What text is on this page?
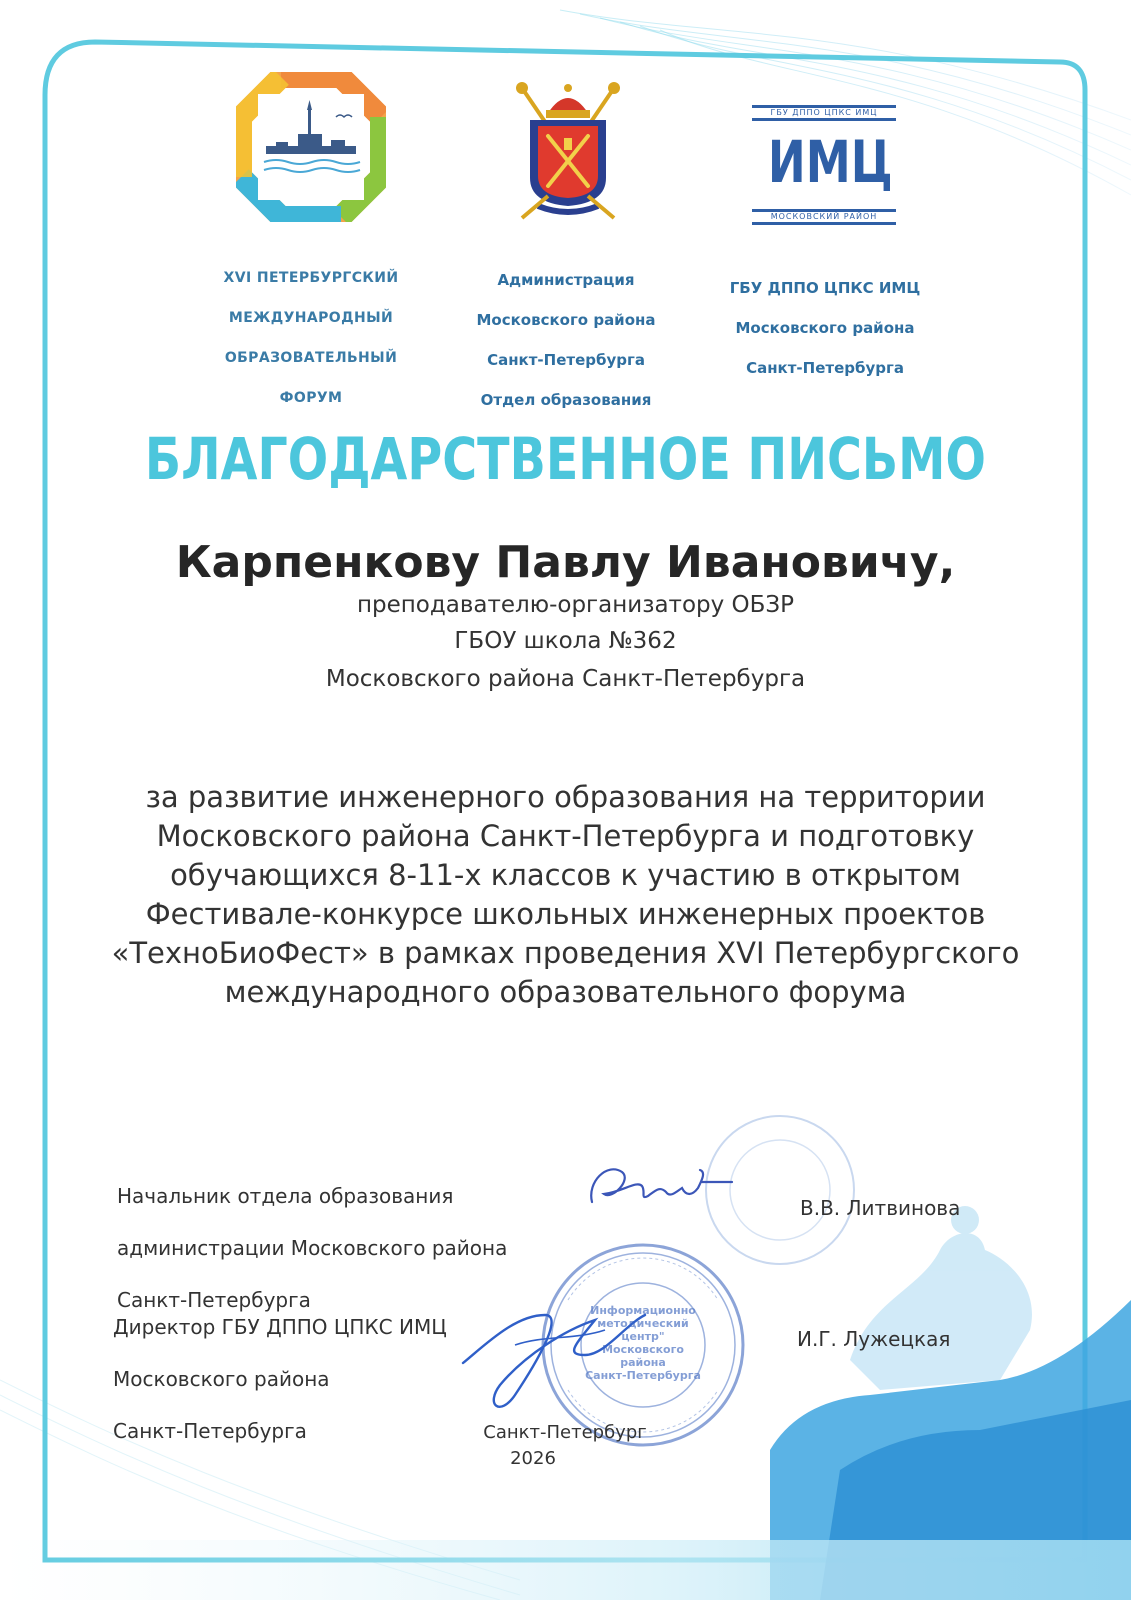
XVI ПЕТЕРБУРГСКИЙ

МЕЖДУНАРОДНЫЙ

ОБРАЗОВАТЕЛЬНЫЙ

ФОРУМ

Администрация

Московского района

Санкт-Петербурга

Отдел образования

ГБУ ДППО ЦПКС ИМЦ
ИМЦ
МОСКОВСКИЙ РАЙОН

ГБУ ДППО ЦПКС ИМЦ

Московского района

Санкт-Петербурга

БЛАГОДАРСТВЕННОЕ ПИСЬМО
Карпенкову Павлу Ивановичу,
преподавателю-организатору ОБЗР
ГБОУ школа №362
Московского района Санкт-Петербурга
за развитие инженерного образования на территории
Московского района Санкт-Петербурга и подготовку
обучающихся 8-11-х классов к участию в открытом
Фестивале-конкурсе школьных инженерных проектов
«ТехноБиоФест» в рамках проведения XVI Петербургского
международного образовательного форума
Информационно
методический
центр"
Московского
района
Санкт-Петербурга

Начальник отдела образования

администрации Московского района

Санкт-Петербурга

В.В. Литвинова

Директор ГБУ ДППО ЦПКС ИМЦ

Московского района

Санкт-Петербурга

И.Г. Лужецкая
Санкт-Петербург
2026
